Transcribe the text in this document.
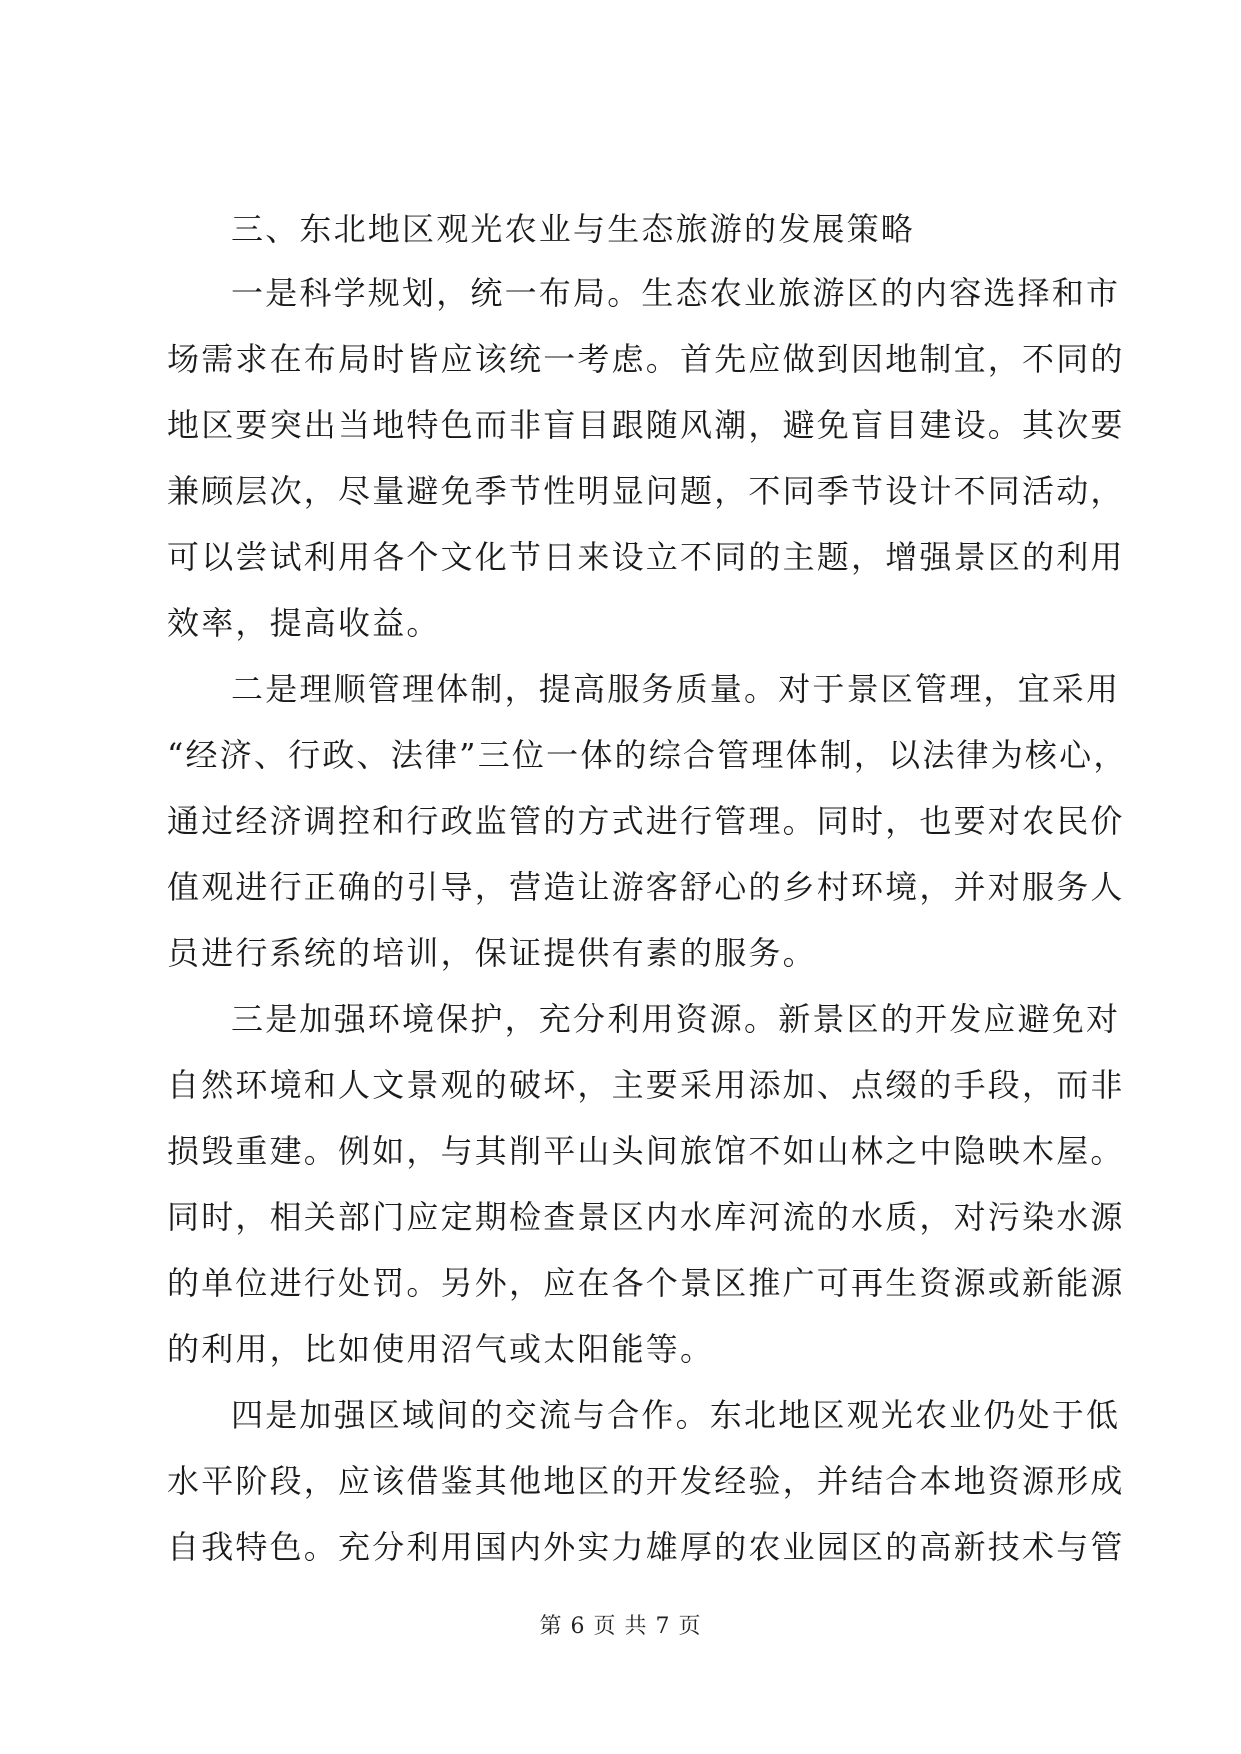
三、东北地区观光农业与生态旅游的发展策略
一是科学规划，统一布局。生态农业旅游区的内容选择和市
场需求在布局时皆应该统一考虑。首先应做到因地制宜，不同的
地区要突出当地特色而非盲目跟随风潮，避免盲目建设。其次要
兼顾层次，尽量避免季节性明显问题，不同季节设计不同活动，
可以尝试利用各个文化节日来设立不同的主题，增强景区的利用
效率，提高收益。
二是理顺管理体制，提高服务质量。对于景区管理，宜采用
“经济、行政、法律”三位一体的综合管理体制，以法律为核心，
通过经济调控和行政监管的方式进行管理。同时，也要对农民价
值观进行正确的引导，营造让游客舒心的乡村环境，并对服务人
员进行系统的培训，保证提供有素的服务。
三是加强环境保护，充分利用资源。新景区的开发应避免对
自然环境和人文景观的破坏，主要采用添加、点缀的手段，而非
损毁重建。例如，与其削平山头间旅馆不如山林之中隐映木屋。
同时，相关部门应定期检查景区内水库河流的水质，对污染水源
的单位进行处罚。另外，应在各个景区推广可再生资源或新能源
的利用，比如使用沼气或太阳能等。
四是加强区域间的交流与合作。东北地区观光农业仍处于低
水平阶段，应该借鉴其他地区的开发经验，并结合本地资源形成
自我特色。充分利用国内外实力雄厚的农业园区的高新技术与管
第 6 页 共 7 页
